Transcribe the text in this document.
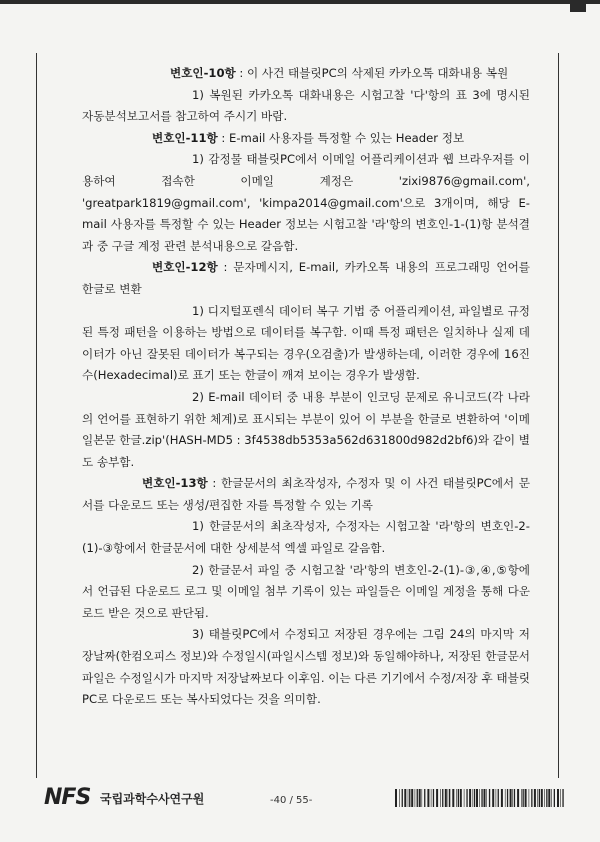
변호인-10항 : 이 사건 태블릿PC의 삭제된 카카오톡 대화내용 복원

1) 복원된 카카오톡 대화내용은 시험고찰 '다'항의 표 3에 명시된 자동분석보고서를 참고하여 주시기 바람.

변호인-11항 : E-mail 사용자를 특정할 수 있는 Header 정보

1) 감정물 태블릿PC에서 이메일 어플리케이션과 웹 브라우저를 이용하여 접속한 이메일 계정은 'zixi9876@gmail.com', 'greatpark1819@gmail.com', 'kimpa2014@gmail.com'으로 3개이며, 해당 E-mail 사용자를 특정할 수 있는 Header 정보는 시험고찰 '라'항의 변호인-1-(1)항 분석결과 중 구글 계정 관련 분석내용으로 갈음함.

변호인-12항 : 문자메시지, E-mail, 카카오톡 내용의 프로그래밍 언어를 한글로 변환

1) 디지털포렌식 데이터 복구 기법 중 어플리케이션, 파일별로 규정된 특정 패턴을 이용하는 방법으로 데이터를 복구함. 이때 특정 패턴은 일치하나 실제 데이터가 아닌 잘못된 데이터가 복구되는 경우(오검출)가 발생하는데, 이러한 경우에 16진수(Hexadecimal)로 표기 또는 한글이 깨져 보이는 경우가 발생함.

2) E-mail 데이터 중 내용 부분이 인코딩 문제로 유니코드(각 나라의 언어를 표현하기 위한 체계)로 표시되는 부분이 있어 이 부분을 한글로 변환하여 '이메일본문 한글.zip'(HASH-MD5 : 3f4538db5353a562d631800d982d2bf6)와 같이 별도 송부함.

변호인-13항 : 한글문서의 최초작성자, 수정자 및 이 사건 태블릿PC에서 문서를 다운로드 또는 생성/편집한 자를 특정할 수 있는 기록

1) 한글문서의 최초작성자, 수정자는 시험고찰 '라'항의 변호인-2-(1)-③항에서 한글문서에 대한 상세분석 엑셀 파일로 갈음함.

2) 한글문서 파일 중 시험고찰 '라'항의 변호인-2-(1)-③,④,⑤항에서 언급된 다운로드 로그 및 이메일 첨부 기록이 있는 파일들은 이메일 계정을 통해 다운로드 받은 것으로 판단됨.

3) 태블릿PC에서 수정되고 저장된 경우에는 그림 24의 마지막 저장날짜(한컴오피스 정보)와 수정일시(파일시스템 정보)와 동일해야하나, 저장된 한글문서 파일은 수정일시가 마지막 저장날짜보다 이후임. 이는 다른 기기에서 수정/저장 후 태블릿PC로 다운로드 또는 복사되었다는 것을 의미함.

NFS 국립과학수사연구원	-40 / 55-
